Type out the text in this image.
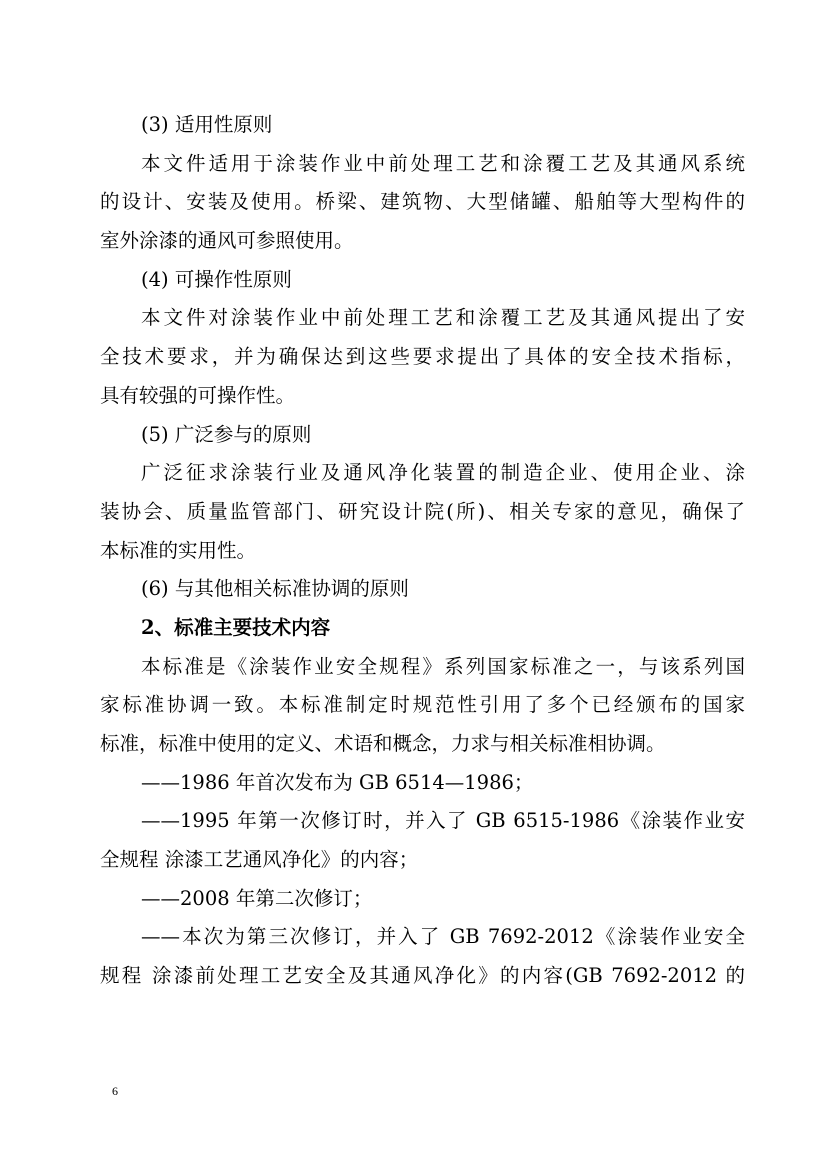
(3) 适用性原则
本文件适用于涂装作业中前处理工艺和涂覆工艺及其通风系统
的设计、安装及使用。桥梁、建筑物、大型储罐、船舶等大型构件的
室外涂漆的通风可参照使用。
(4) 可操作性原则
本文件对涂装作业中前处理工艺和涂覆工艺及其通风提出了安
全技术要求，并为确保达到这些要求提出了具体的安全技术指标，
具有较强的可操作性。
(5) 广泛参与的原则
广泛征求涂装行业及通风净化装置的制造企业、使用企业、涂
装协会、质量监管部门、研究设计院(所)、相关专家的意见，确保了
本标准的实用性。
(6) 与其他相关标准协调的原则
2、标准主要技术内容
本标准是《涂装作业安全规程》系列国家标准之一，与该系列国
家标准协调一致。本标准制定时规范性引用了多个已经颁布的国家
标准，标准中使用的定义、术语和概念，力求与相关标准相协调。
——1986 年首次发布为 GB 6514—1986；
——1995 年第一次修订时，并入了 GB 6515-1986《涂装作业安
全规程 涂漆工艺通风净化》的内容；
——2008 年第二次修订；
——本次为第三次修订，并入了 GB 7692-2012《涂装作业安全
规程 涂漆前处理工艺安全及其通风净化》的内容(GB 7692-2012 的
6
